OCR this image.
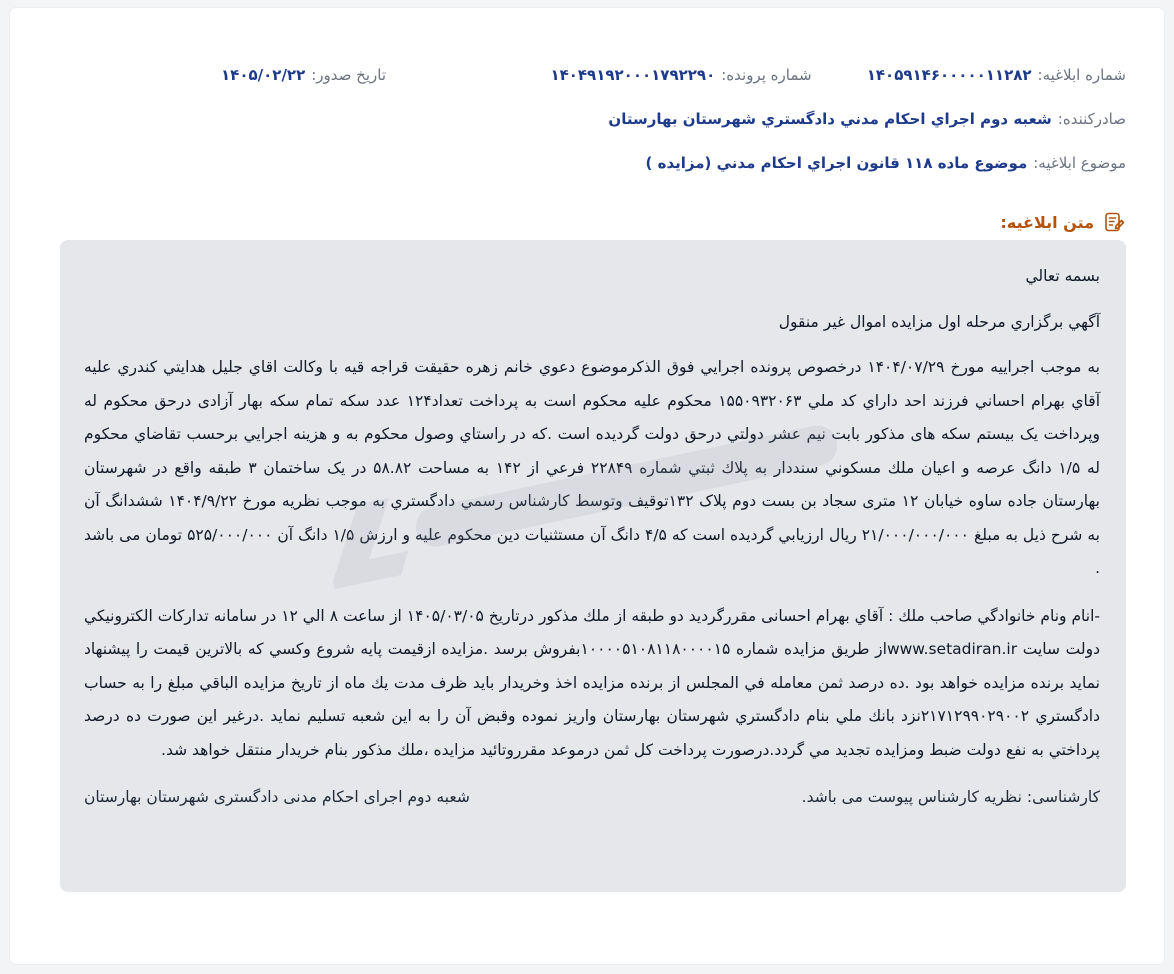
شماره ابلاغيه:
۱۴۰۵۹۱۴۶۰۰۰۰۰۱۱۲۸۲
شماره پرونده:
۱۴۰۴۹۱۹۲۰۰۰۱۷۹۲۲۹۰
تاريخ صدور:
۱۴۰۵/۰۲/۲۲
صادرکننده:
شعبه دوم اجراي احکام مدني دادگستري شهرستان بهارستان
موضوع ابلاغيه:
موضوع ماده ۱۱۸ قانون اجراي احکام مدني (مزايده )
متن ابلاغيه:

بسمه تعالي

آگهي برگزاري مرحله اول مزايده اموال غير منقول

به موجب اجراييه مورخ ۱۴۰۴/۰۷/۲۹ درخصوص پرونده اجرايي فوق الذكرموضوع دعوي خانم زهره حقيقت قراجه قيه با وكالت اقاي جليل هدايتي كندري عليه آقاي بهرام احساني فرزند احد داراي كد ملي ۱۵۵۰۹۳۲۰۶۳ محكوم عليه محكوم است به پرداخت تعداد۱۲۴ عدد سکه تمام سکه بهار آزادی درحق محکوم له وپرداخت یک بیستم سکه های مذکور بابت نیم عشر دولتي درحق دولت گرديده است .كه در راستاي وصول محكوم به و هزينه اجرايي برحسب تقاضاي محكوم له ۱/۵ دانگ عرصه و اعيان ملك مسكوني سنددار به پلاك ثبتي شماره ۲۲۸۴۹ فرعي از ۱۴۲ به مساحت ۵۸.۸۲ در يک ساختمان ۳ طبقه واقع در شهرستان بهارستان جاده ساوه خيابان ۱۲ متری سجاد بن بست دوم پلاک ۱۳۲توقيف وتوسط كارشناس رسمي دادگستري به موجب نظريه مورخ ۱۴۰۴/۹/۲۲ ششدانگ آن به شرح ذيل به مبلغ ۲۱/۰۰۰/۰۰۰/۰۰۰ ريال ارزيابي گرديده است كه ۴/۵ دانگ آن مستثنيات دين محکوم عليه و ارزش ۱/۵ دانگ آن ۵۲۵/۰۰۰/۰۰۰ تومان می باشد .

-انام ونام خانوادگي صاحب ملك : آقاي بهرام احسانی مقررگرديد دو طبقه از ملك مذكور درتاريخ ۱۴۰۵/۰۳/۰۵ از ساعت ۸ الي ۱۲ در سامانه تداركات الكترونيكي دولت سايت www.setadiran.irاز طريق مزايده شماره ۱۰۰۰۰۵۱۰۸۱۱۸۰۰۰۰۱۵بفروش برسد .مزايده ازقيمت پايه شروع وكسي كه بالاترين قيمت را پيشنهاد نمايد برنده مزايده خواهد بود .ده درصد ثمن معامله في المجلس از برنده مزايده اخذ وخريدار بايد ظرف مدت يك ماه از تاريخ مزايده الباقي مبلغ را به حساب دادگستري ۲۱۷۱۲۹۹۰۲۹۰۰۲نزد بانك ملي بنام دادگستري شهرستان بهارستان واريز نموده وقبض آن را به اين شعبه تسليم نمايد .درغير اين صورت ده درصد پرداختي به نفع دولت ضبط ومزايده تجديد مي گردد.درصورت پرداخت كل ثمن درموعد مقرروتائيد مزايده ،ملك مذكور بنام خريدار منتقل خواهد شد.

کارشناسی: نظریه کارشناس پیوست می باشد.
شعبه دوم اجرای احکام مدنی دادگستری شهرستان بهارستان
